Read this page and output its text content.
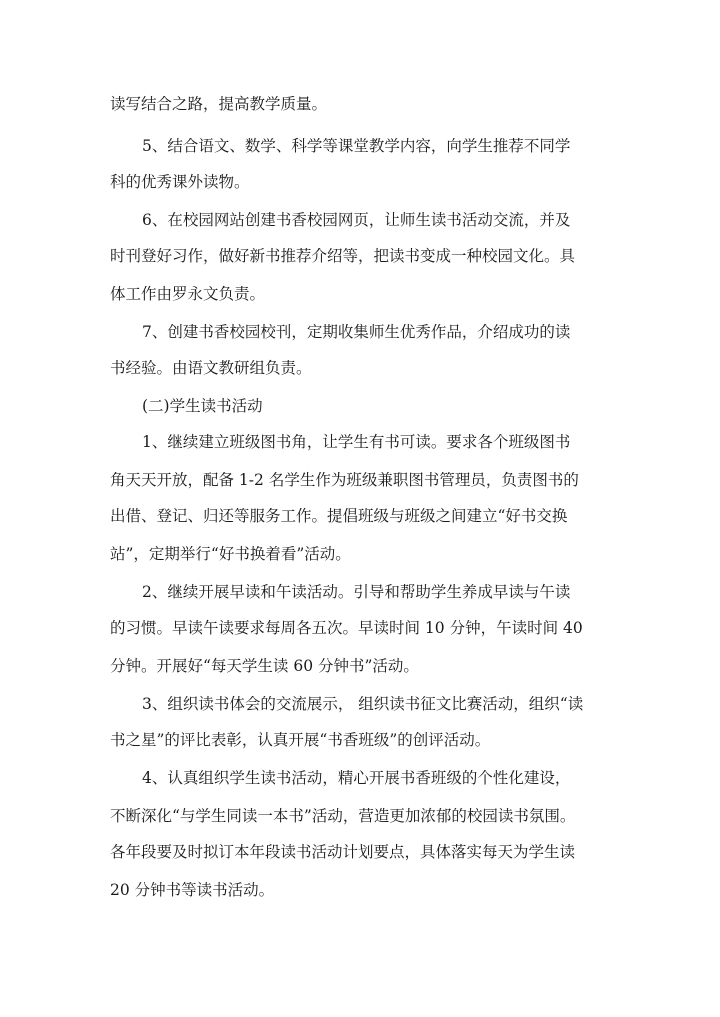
读写结合之路，提高教学质量。

5、结合语文、数学、科学等课堂教学内容，向学生推荐不同学

科的优秀课外读物。

6、在校园网站创建书香校园网页，让师生读书活动交流，并及

时刊登好习作，做好新书推荐介绍等，把读书变成一种校园文化。具

体工作由罗永文负责。

7、创建书香校园校刊，定期收集师生优秀作品，介绍成功的读

书经验。由语文教研组负责。

(二)学生读书活动

1、继续建立班级图书角，让学生有书可读。要求各个班级图书

角天天开放，配备 1-2 名学生作为班级兼职图书管理员，负责图书的

出借、登记、归还等服务工作。提倡班级与班级之间建立“好书交换

站”，定期举行“好书换着看”活动。

2、继续开展早读和午读活动。引导和帮助学生养成早读与午读

的习惯。早读午读要求每周各五次。早读时间 10 分钟，午读时间 40

分钟。开展好“每天学生读 60 分钟书”活动。

3、组织读书体会的交流展示， 组织读书征文比赛活动，组织“读

书之星”的评比表彰，认真开展“书香班级”的创评活动。

4、认真组织学生读书活动，精心开展书香班级的个性化建设，

不断深化“与学生同读一本书”活动，营造更加浓郁的校园读书氛围。

各年段要及时拟订本年段读书活动计划要点，具体落实每天为学生读

20 分钟书等读书活动。
